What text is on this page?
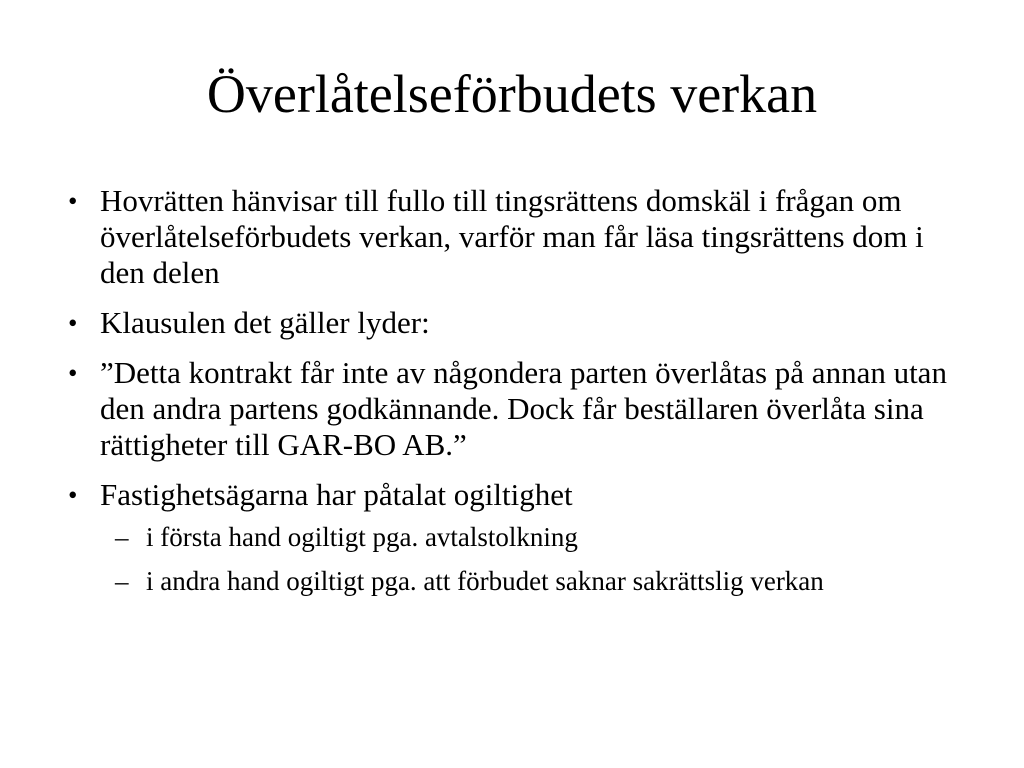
Överlåtelseförbudets verkan
• Hovrätten hänvisar till fullo till tingsrättens domskäl i frågan om överlåtelseförbudets verkan, varför man får läsa tingsrättens dom i den delen
• Klausulen det gäller lyder:
• ”Detta kontrakt får inte av någondera parten överlåtas på annan utan den andra partens godkännande. Dock får beställaren överlåta sina rättigheter till GAR-BO AB.”
• Fastighetsägarna har påtalat ogiltighet
– i första hand ogiltigt pga. avtalstolkning
– i andra hand ogiltigt pga. att förbudet saknar sakrättslig verkan
